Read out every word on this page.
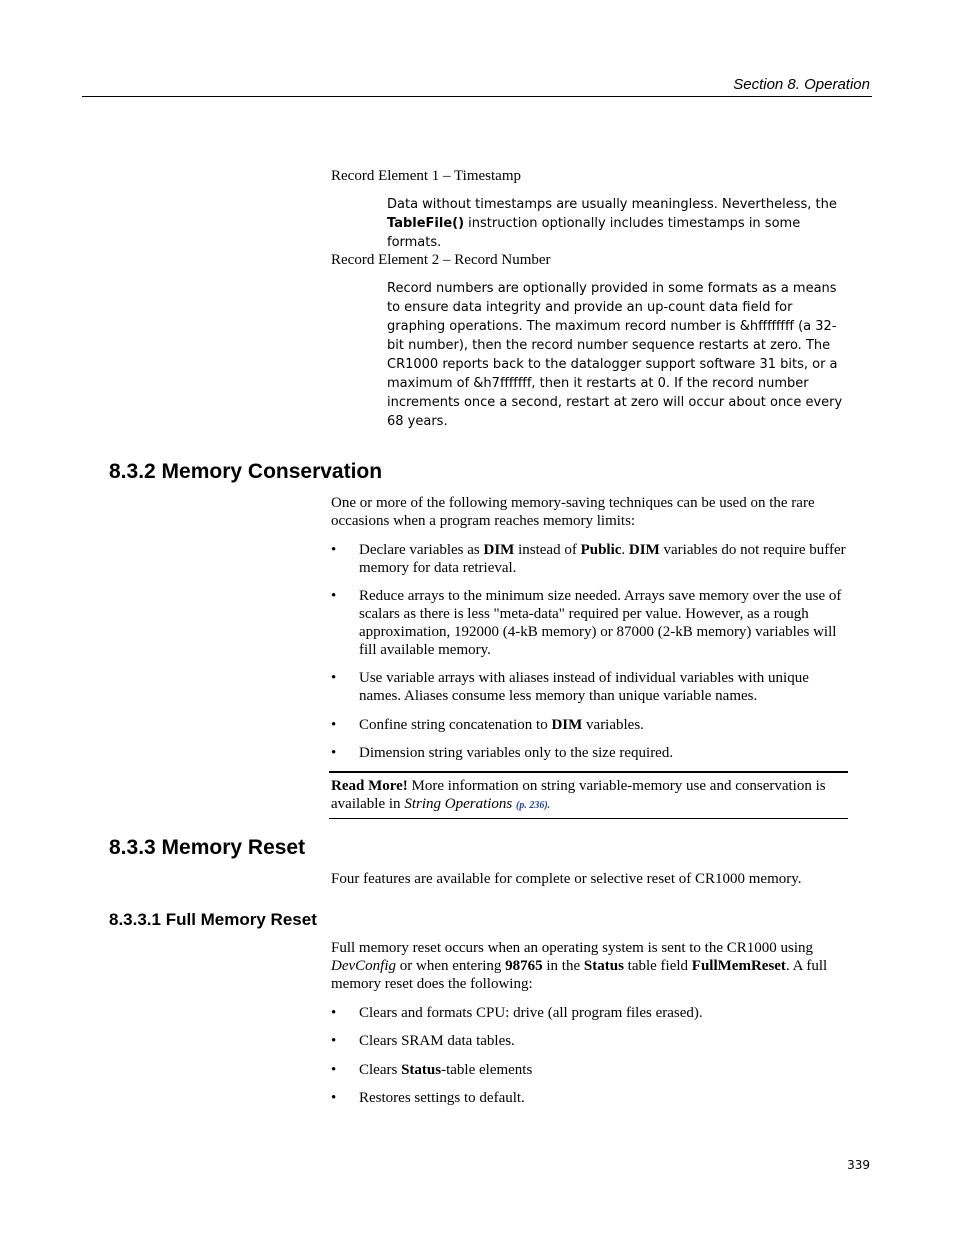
Section 8. Operation
Record Element 1 – Timestamp
Data without timestamps are usually meaningless. Nevertheless, the TableFile() instruction optionally includes timestamps in some formats.
Record Element 2 – Record Number
Record numbers are optionally provided in some formats as a means to ensure data integrity and provide an up-count data field for graphing operations. The maximum record number is &hffffffff (a 32-bit number), then the record number sequence restarts at zero. The CR1000 reports back to the datalogger support software 31 bits, or a maximum of &h7fffffff, then it restarts at 0. If the record number increments once a second, restart at zero will occur about once every 68 years.
8.3.2 Memory Conservation
One or more of the following memory-saving techniques can be used on the rare occasions when a program reaches memory limits:
• Declare variables as DIM instead of Public. DIM variables do not require buffer memory for data retrieval.
• Reduce arrays to the minimum size needed. Arrays save memory over the use of scalars as there is less "meta-data" required per value. However, as a rough approximation, 192000 (4-kB memory) or 87000 (2-kB memory) variables will fill available memory.
• Use variable arrays with aliases instead of individual variables with unique names. Aliases consume less memory than unique variable names.
• Confine string concatenation to DIM variables.
• Dimension string variables only to the size required.
Read More! More information on string variable-memory use and conservation is available in String Operations (p. 236).
8.3.3 Memory Reset
Four features are available for complete or selective reset of CR1000 memory.
8.3.3.1 Full Memory Reset
Full memory reset occurs when an operating system is sent to the CR1000 using DevConfig or when entering 98765 in the Status table field FullMemReset. A full memory reset does the following:
• Clears and formats CPU: drive (all program files erased).
• Clears SRAM data tables.
• Clears Status-table elements
• Restores settings to default.
339
